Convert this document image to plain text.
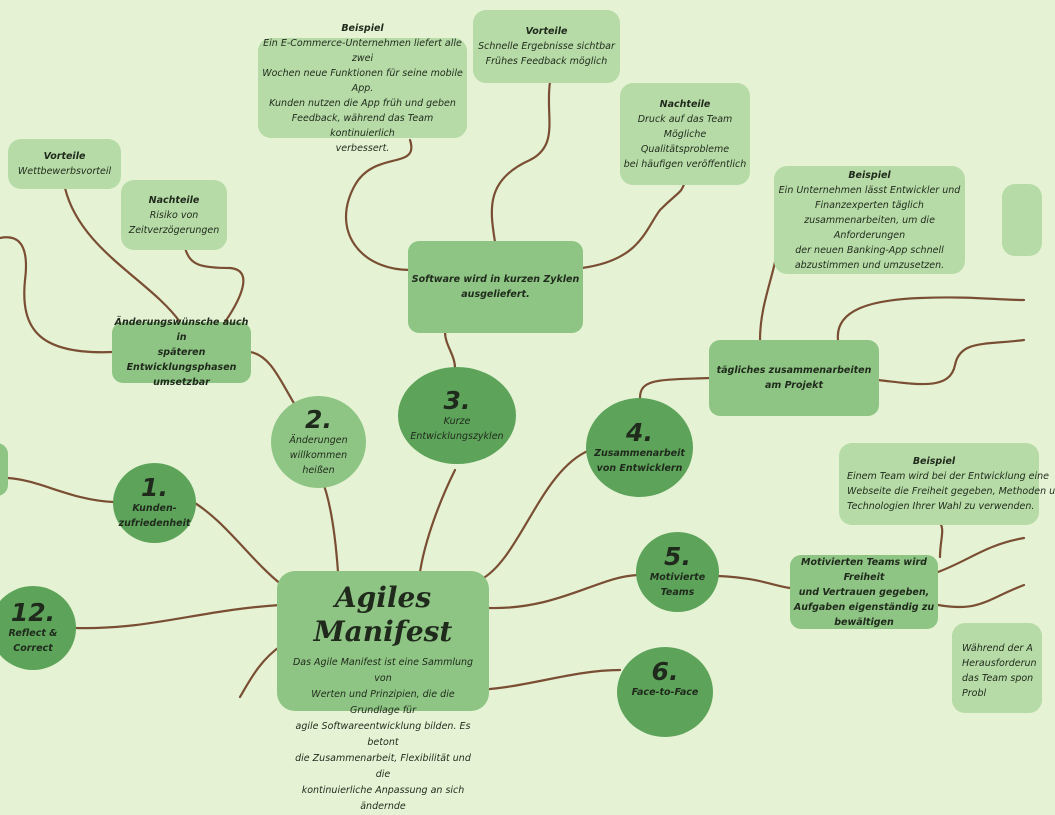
Agiles Manifest
Das Agile Manifest ist eine Sammlung von
Werten und Prinzipien, die die Grundlage für
agile Softwareentwicklung bilden. Es betont
die Zusammenarbeit, Flexibilität und die
kontinuierliche Anpassung an sich ändernde
1.
Kunden-
zufriedenheit
2.
Änderungen
willkommen
heißen
3.
Kurze
Entwicklungszyklen	4.
Zusammenarbeit
von Entwicklern
5.
Motivierte
Teams
6.
Face-to-Face
12.
Reflect &
Correct
Software wird in kurzen Zyklen
ausgeliefert.
Änderungswünsche auch in
späteren Entwicklungsphasen
umsetzbar
tägliches zusammenarbeiten
am Projekt
Motivierten Teams wird Freiheit
und Vertrauen gegeben,
Aufgaben eigenständig zu
bewältigen
Beispiel
Ein E-Commerce-Unternehmen liefert alle zwei
Wochen neue Funktionen für seine mobile App.
Kunden nutzen die App früh und geben
Feedback, während das Team kontinuierlich
verbessert.
Vorteile
Schnelle Ergebnisse sichtbar
Frühes Feedback möglich
Nachteile
Druck auf das Team
Mögliche Qualitätsprobleme
bei häufigen veröffentlich
Vorteile
Wettbewerbsvorteil
Nachteile
Risiko von
Zeitverzögerungen
Beispiel
Ein Unternehmen lässt Entwickler und
Finanzexperten täglich
zusammenarbeiten, um die Anforderungen
der neuen Banking-App schnell
abzustimmen und umzusetzen.
Beispiel
Einem Team wird bei der Entwicklung eine
Webseite die Freiheit gegeben, Methoden u
Technologien Ihrer Wahl zu verwenden.
Während der A
Herausforderun
das Team spon
Probl
